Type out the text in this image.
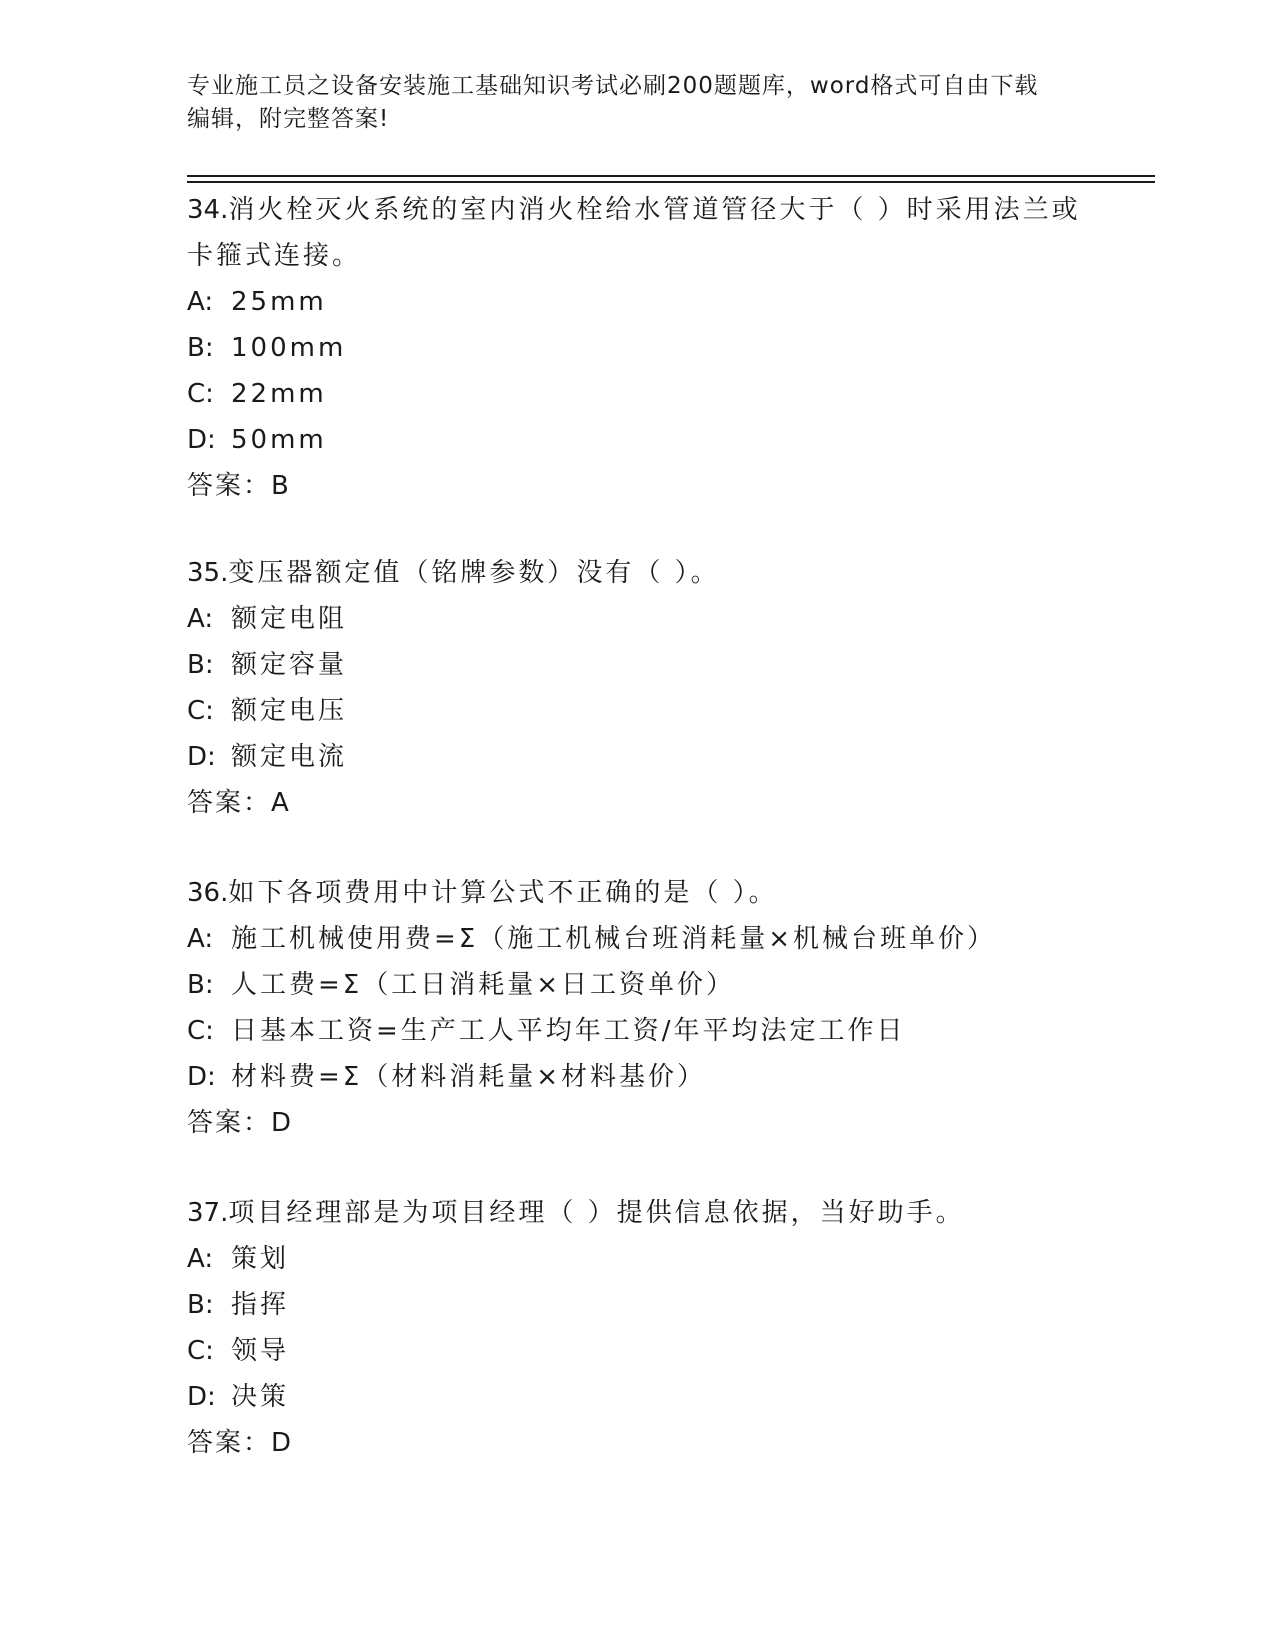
专业施工员之设备安装施工基础知识考试必刷200题题库，word格式可自由下载
编辑，附完整答案!

34.消火栓灭火系统的室内消火栓给水管道管径大于（ ）时采用法兰或卡箍式连接。

A: 25mm
B: 100mm
C: 22mm
D: 50mm
答案：B

35.变压器额定值（铭牌参数）没有（ ）。

A: 额定电阻
B: 额定容量
C: 额定电压
D: 额定电流
答案：A

36.如下各项费用中计算公式不正确的是（ ）。

A: 施工机械使用费=Σ（施工机械台班消耗量×机械台班单价）
B: 人工费=Σ（工日消耗量×日工资单价）
C: 日基本工资=生产工人平均年工资/年平均法定工作日
D: 材料费=Σ（材料消耗量×材料基价）
答案：D

37.项目经理部是为项目经理（ ）提供信息依据，当好助手。

A: 策划
B: 指挥
C: 领导
D: 决策
答案：D
